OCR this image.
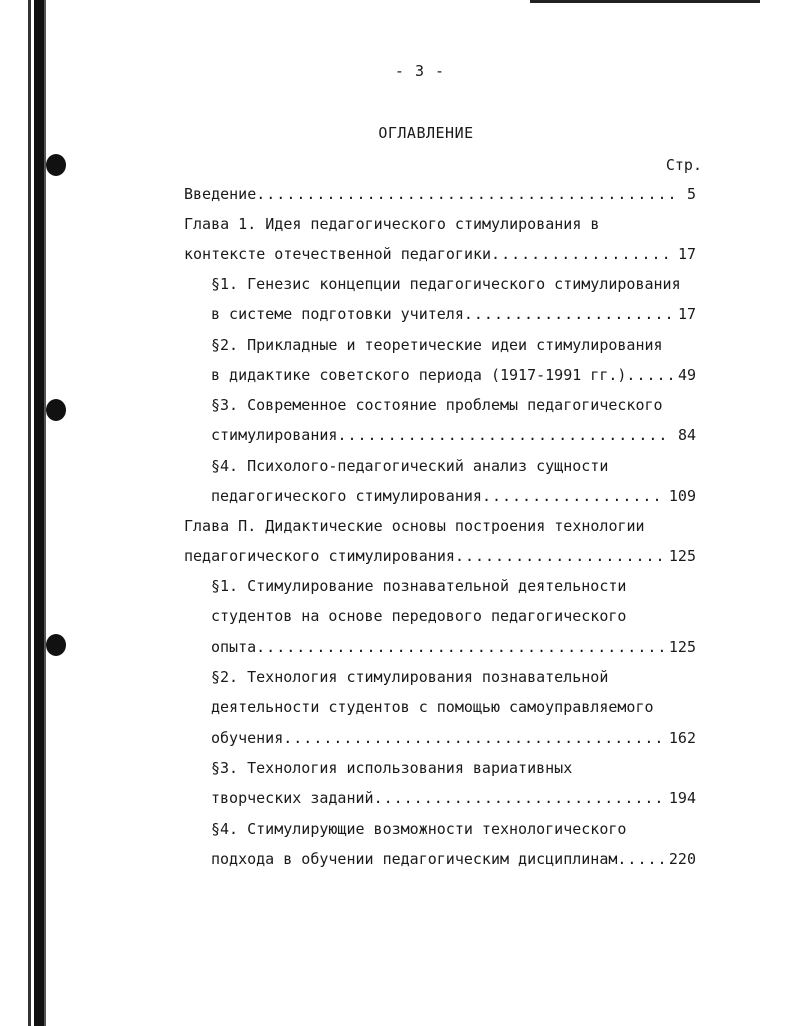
- 3 -
ОГЛАВЛЕНИЕ
Стр.
Введение .....	5
Глава 1. Идея педагогического стимулирования в
контексте отечественной педагогики .....	17
§1. Генезис концепции педагогического стимулирования
в системе подготовки учителя .....	17
§2. Прикладные и теоретические идеи стимулирования
в дидактике советского периода (1917-1991 гг.) .....	49
§3. Современное состояние проблемы педагогического
стимулирования .....	84
§4. Психолого-педагогический анализ сущности
педагогического стимулирования .....	109
Глава П. Дидактические основы построения технологии
педагогического стимулирования .....	125
§1. Стимулирование познавательной деятельности
студентов на основе передового педагогического
опыта .....	125
§2. Технология стимулирования познавательной
деятельности студентов с помощью самоуправляемого
обучения .....	162
§3. Технология использования вариативных
творческих заданий .....	194
§4. Стимулирующие возможности технологического
подхода в обучении педагогическим дисциплинам .....	220
